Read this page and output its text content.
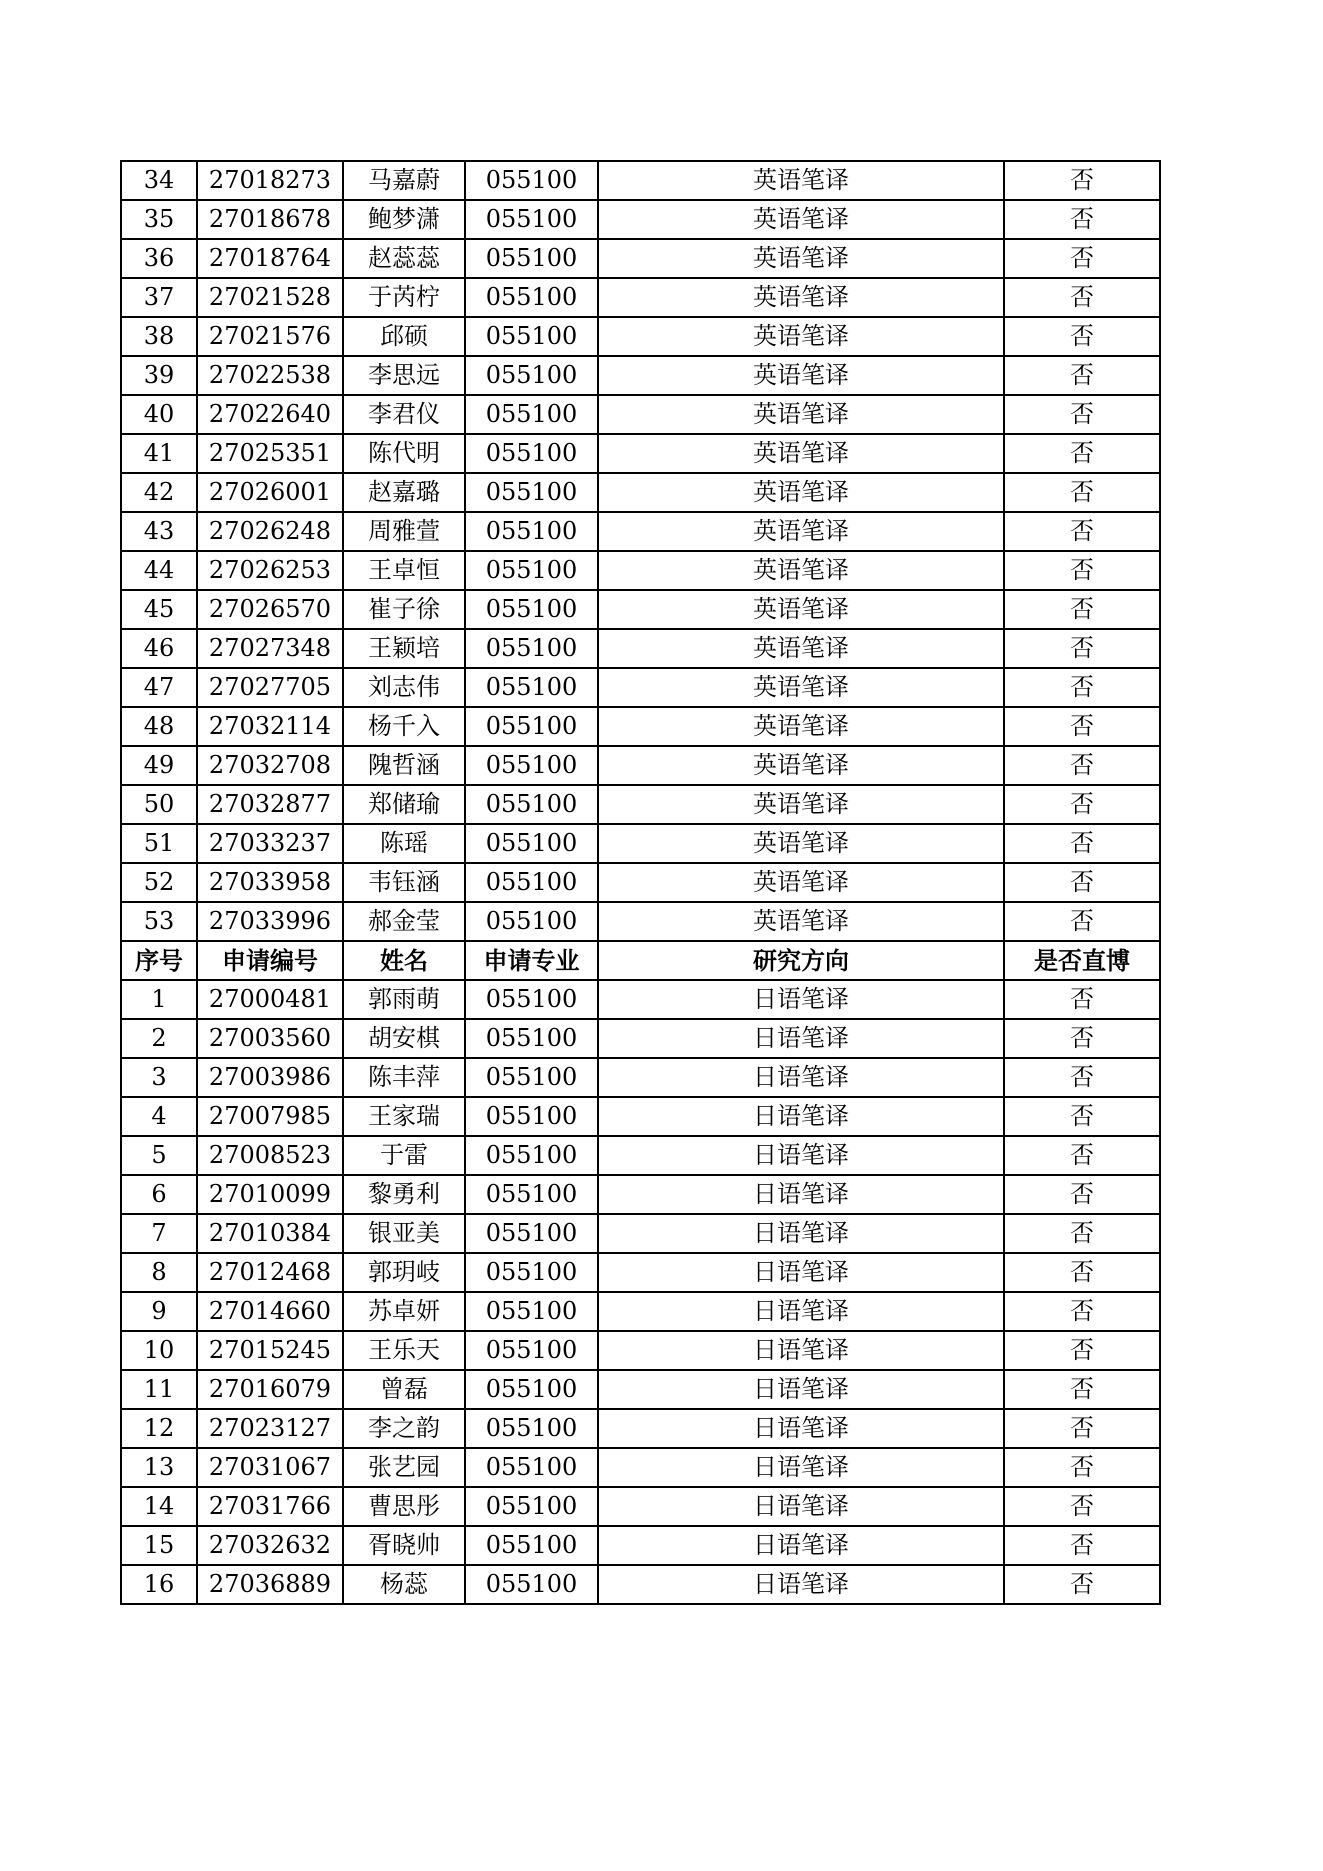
34	27018273	马嘉蔚	055100	英语笔译	否
35	27018678	鲍梦潇	055100	英语笔译	否
36	27018764	赵蕊蕊	055100	英语笔译	否
37	27021528	于芮柠	055100	英语笔译	否
38	27021576	邱硕	055100	英语笔译	否
39	27022538	李思远	055100	英语笔译	否
40	27022640	李君仪	055100	英语笔译	否
41	27025351	陈代明	055100	英语笔译	否
42	27026001	赵嘉璐	055100	英语笔译	否
43	27026248	周雅萱	055100	英语笔译	否
44	27026253	王卓恒	055100	英语笔译	否
45	27026570	崔子徐	055100	英语笔译	否
46	27027348	王颖培	055100	英语笔译	否
47	27027705	刘志伟	055100	英语笔译	否
48	27032114	杨千入	055100	英语笔译	否
49	27032708	隗哲涵	055100	英语笔译	否
50	27032877	郑储瑜	055100	英语笔译	否
51	27033237	陈瑶	055100	英语笔译	否
52	27033958	韦钰涵	055100	英语笔译	否
53	27033996	郝金莹	055100	英语笔译	否
序号	申请编号	姓名	申请专业	研究方向	是否直博
1	27000481	郭雨萌	055100	日语笔译	否
2	27003560	胡安棋	055100	日语笔译	否
3	27003986	陈丰萍	055100	日语笔译	否
4	27007985	王家瑞	055100	日语笔译	否
5	27008523	于雷	055100	日语笔译	否
6	27010099	黎勇利	055100	日语笔译	否
7	27010384	银亚美	055100	日语笔译	否
8	27012468	郭玥岐	055100	日语笔译	否
9	27014660	苏卓妍	055100	日语笔译	否
10	27015245	王乐天	055100	日语笔译	否
11	27016079	曾磊	055100	日语笔译	否
12	27023127	李之韵	055100	日语笔译	否
13	27031067	张艺园	055100	日语笔译	否
14	27031766	曹思彤	055100	日语笔译	否
15	27032632	胥晓帅	055100	日语笔译	否
16	27036889	杨蕊	055100	日语笔译	否
